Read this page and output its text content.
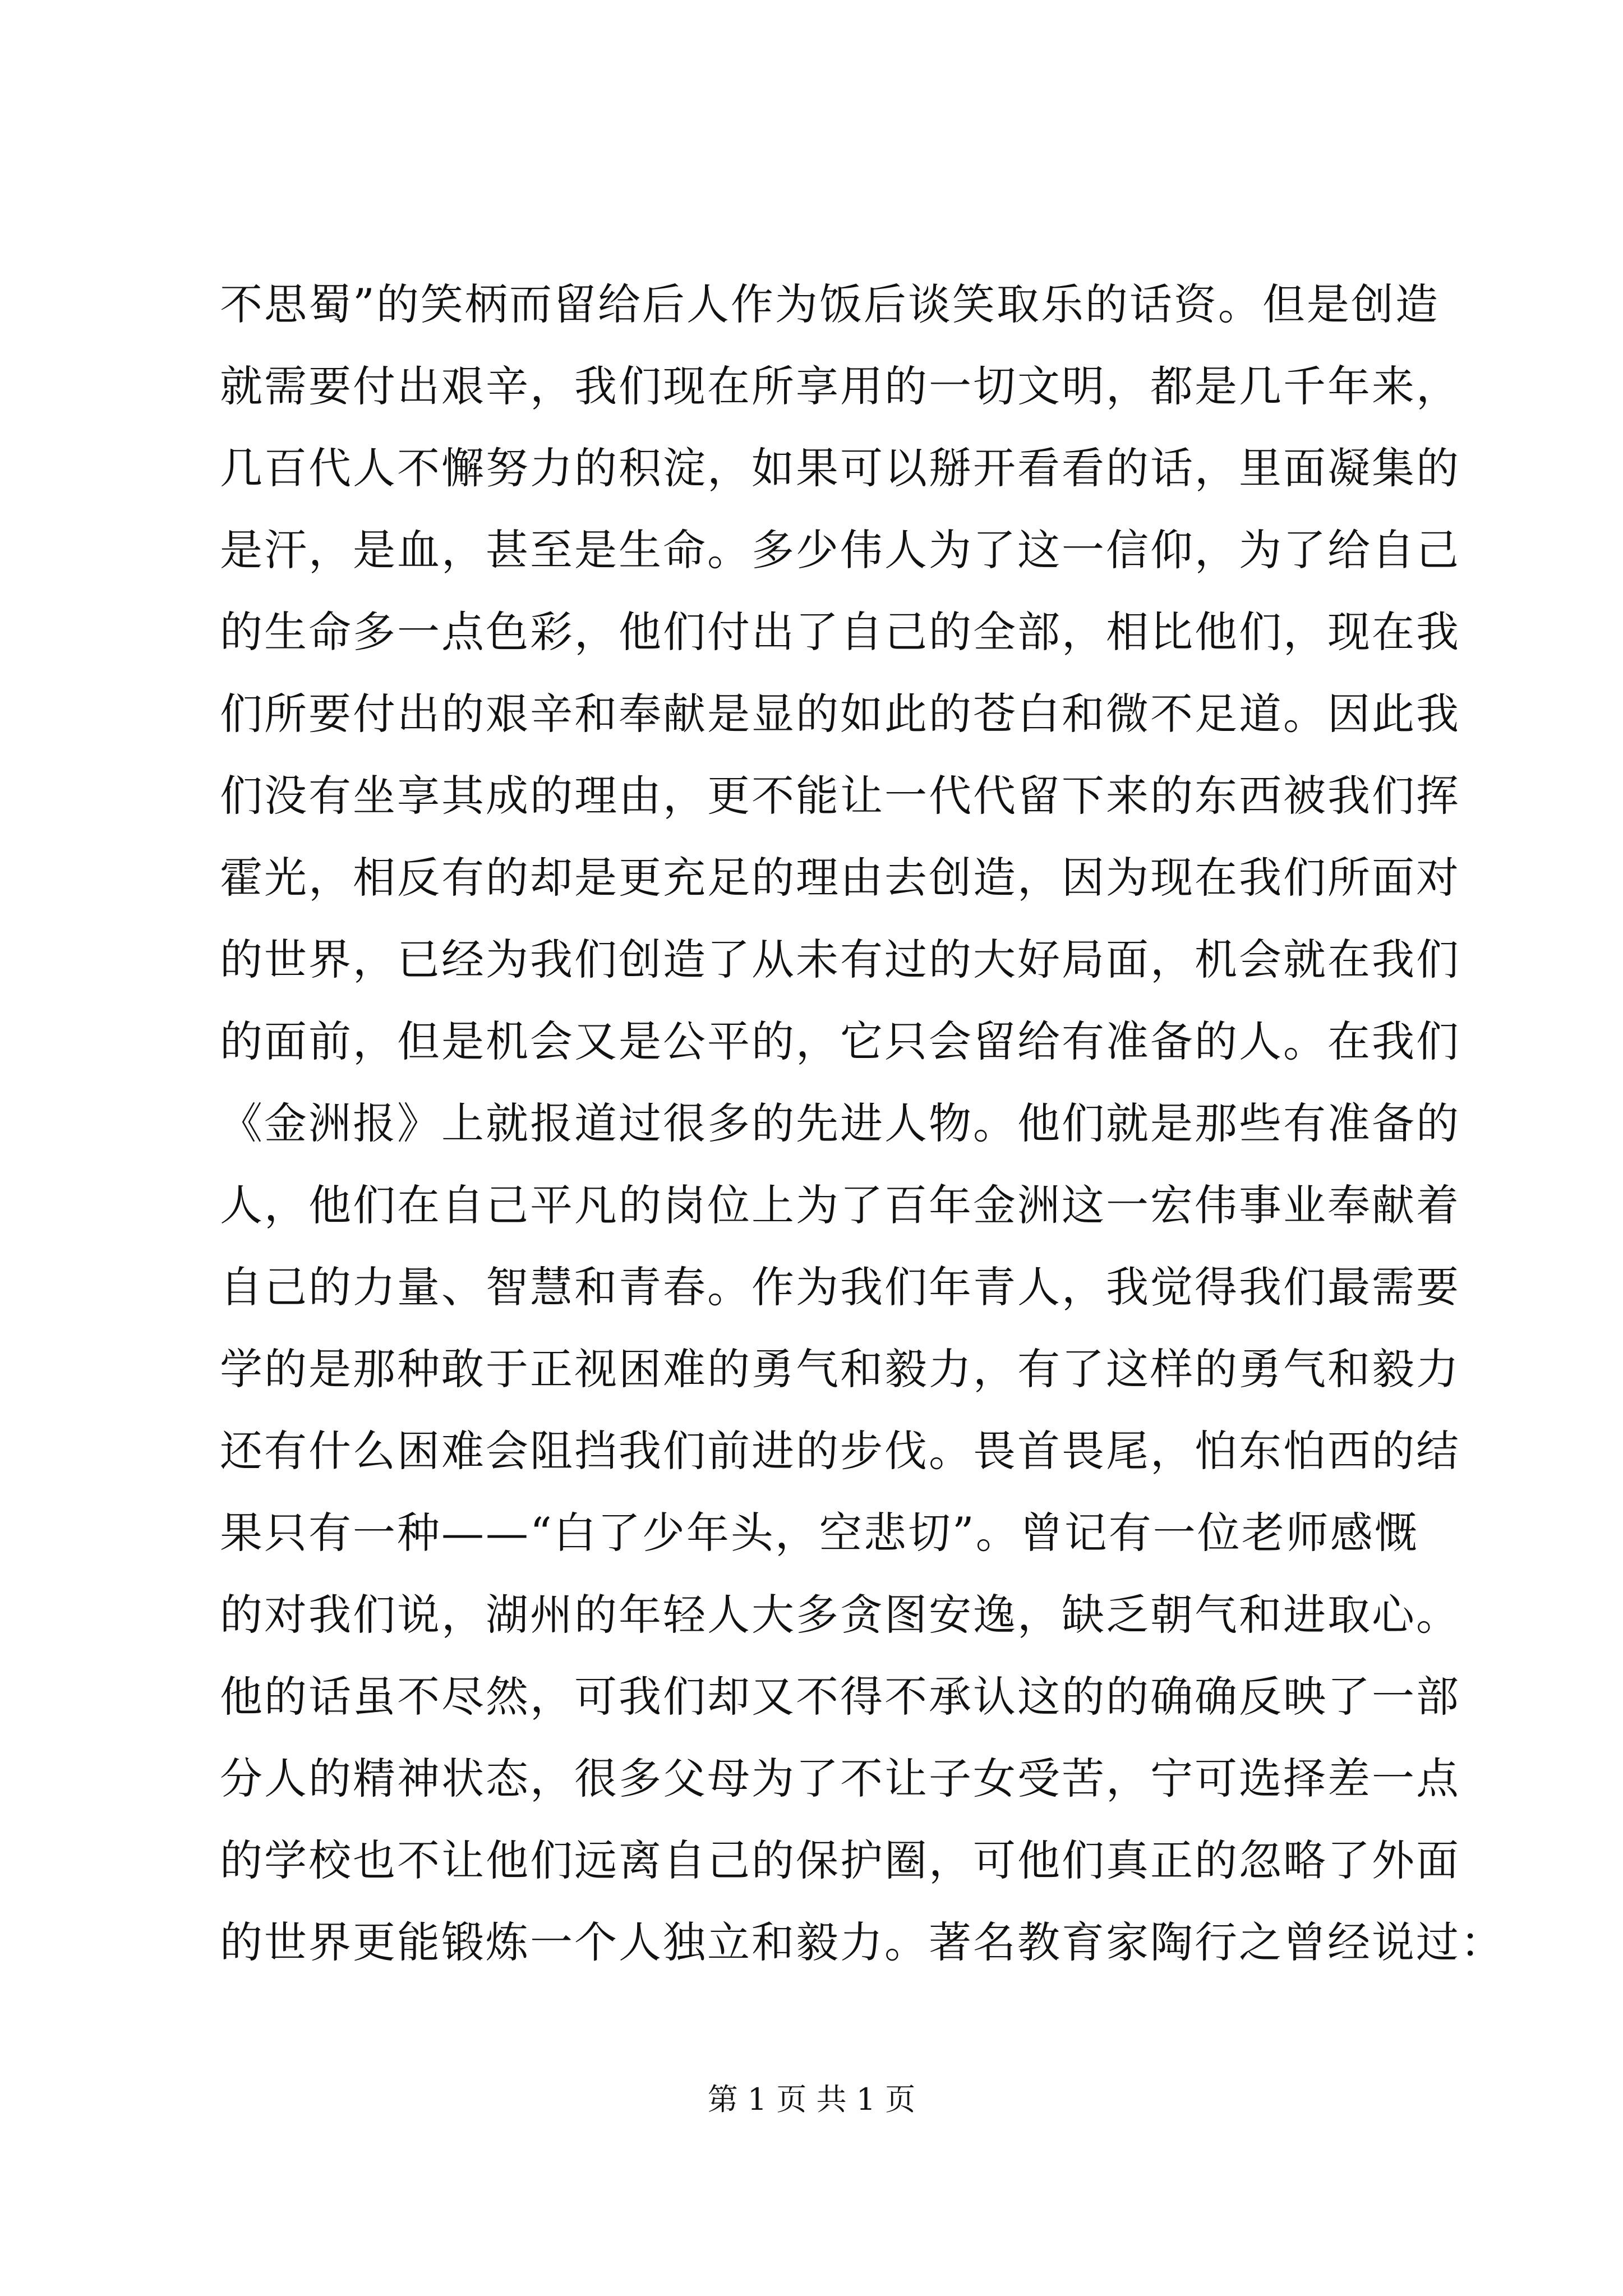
不思蜀”的笑柄而留给后人作为饭后谈笑取乐的话资。但是创造
就需要付出艰辛，我们现在所享用的一切文明，都是几千年来，
几百代人不懈努力的积淀，如果可以掰开看看的话，里面凝集的
是汗，是血，甚至是生命。多少伟人为了这一信仰，为了给自己
的生命多一点色彩，他们付出了自己的全部，相比他们，现在我
们所要付出的艰辛和奉献是显的如此的苍白和微不足道。因此我
们没有坐享其成的理由，更不能让一代代留下来的东西被我们挥
霍光，相反有的却是更充足的理由去创造，因为现在我们所面对
的世界，已经为我们创造了从未有过的大好局面，机会就在我们
的面前，但是机会又是公平的，它只会留给有准备的人。在我们
《金洲报》上就报道过很多的先进人物。他们就是那些有准备的
人，他们在自己平凡的岗位上为了百年金洲这一宏伟事业奉献着
自己的力量、智慧和青春。作为我们年青人，我觉得我们最需要
学的是那种敢于正视困难的勇气和毅力，有了这样的勇气和毅力
还有什么困难会阻挡我们前进的步伐。畏首畏尾，怕东怕西的结
果只有一种——“白了少年头，空悲切”。曾记有一位老师感慨
的对我们说，湖州的年轻人大多贪图安逸，缺乏朝气和进取心。
他的话虽不尽然，可我们却又不得不承认这的的确确反映了一部
分人的精神状态，很多父母为了不让子女受苦，宁可选择差一点
的学校也不让他们远离自己的保护圈，可他们真正的忽略了外面
的世界更能锻炼一个人独立和毅力。著名教育家陶行之曾经说过：
第 1 页 共 1 页
